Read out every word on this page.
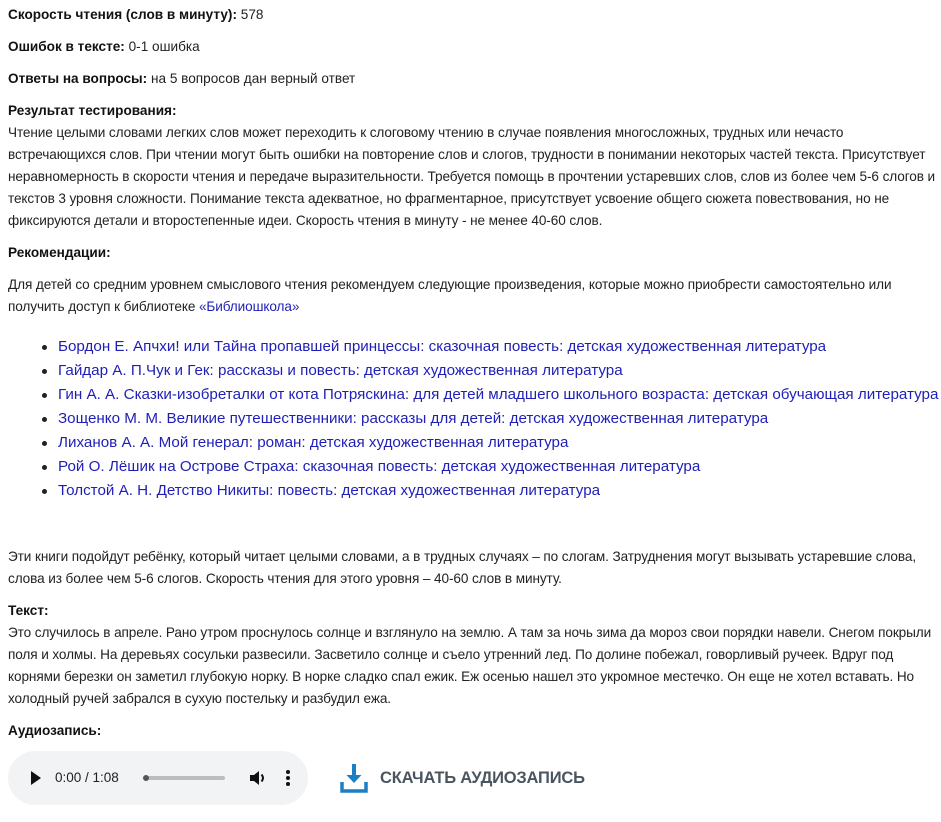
Скорость чтения (слов в минуту): 578
Ошибок в тексте: 0-1 ошибка
Ответы на вопросы: на 5 вопросов дан верный ответ
Результат тестирования:
Чтение целыми словами легких слов может переходить к слоговому чтению в случае появления многосложных, трудных или нечасто встречающихся слов. При чтении могут быть ошибки на повторение слов и слогов, трудности в понимании некоторых частей текста. Присутствует неравномерность в скорости чтения и передаче выразительности. Требуется помощь в прочтении устаревших слов, слов из более чем 5-6 слогов и текстов 3 уровня сложности. Понимание текста адекватное, но фрагментарное, присутствует усвоение общего сюжета повествования, но не фиксируются детали и второстепенные идеи. Скорость чтения в минуту - не менее 40-60 слов.
Рекомендации:
Для детей со средним уровнем смыслового чтения рекомендуем следующие произведения, которые можно приобрести самостоятельно или получить доступ к библиотеке «Библиошкола»
Бордон Е. Апчхи! или Тайна пропавшей принцессы: сказочная повесть: детская художественная литература
Гайдар А. П.Чук и Гек: рассказы и повесть: детская художественная литература
Гин А. А. Сказки-изобреталки от кота Потряскина: для детей младшего школьного возраста: детская обучающая литература
Зощенко М. М. Великие путешественники: рассказы для детей: детская художественная литература
Лиханов А. А. Мой генерал: роман: детская художественная литература
Рой О. Лёшик на Острове Страха: сказочная повесть: детская художественная литература
Толстой А. Н. Детство Никиты: повесть: детская художественная литература
Эти книги подойдут ребёнку, который читает целыми словами, а в трудных случаях – по слогам. Затруднения могут вызывать устаревшие слова, слова из более чем 5-6 слогов. Скорость чтения для этого уровня – 40-60 слов в минуту.
Текст:
Это случилось в апреле. Рано утром проснулось солнце и взглянуло на землю. А там за ночь зима да мороз свои порядки навели. Снегом покрыли поля и холмы. На деревьях сосульки развесили. Засветило солнце и съело утренний лед. По долине побежал, говорливый ручеек. Вдруг под корнями березки он заметил глубокую норку. В норке сладко спал ежик. Еж осенью нашел это укромное местечко. Он еще не хотел вставать. Но холодный ручей забрался в сухую постельку и разбудил ежа.
Аудиозапись:
0:00 / 1:08	СКАЧАТЬ АУДИОЗАПИСЬ
